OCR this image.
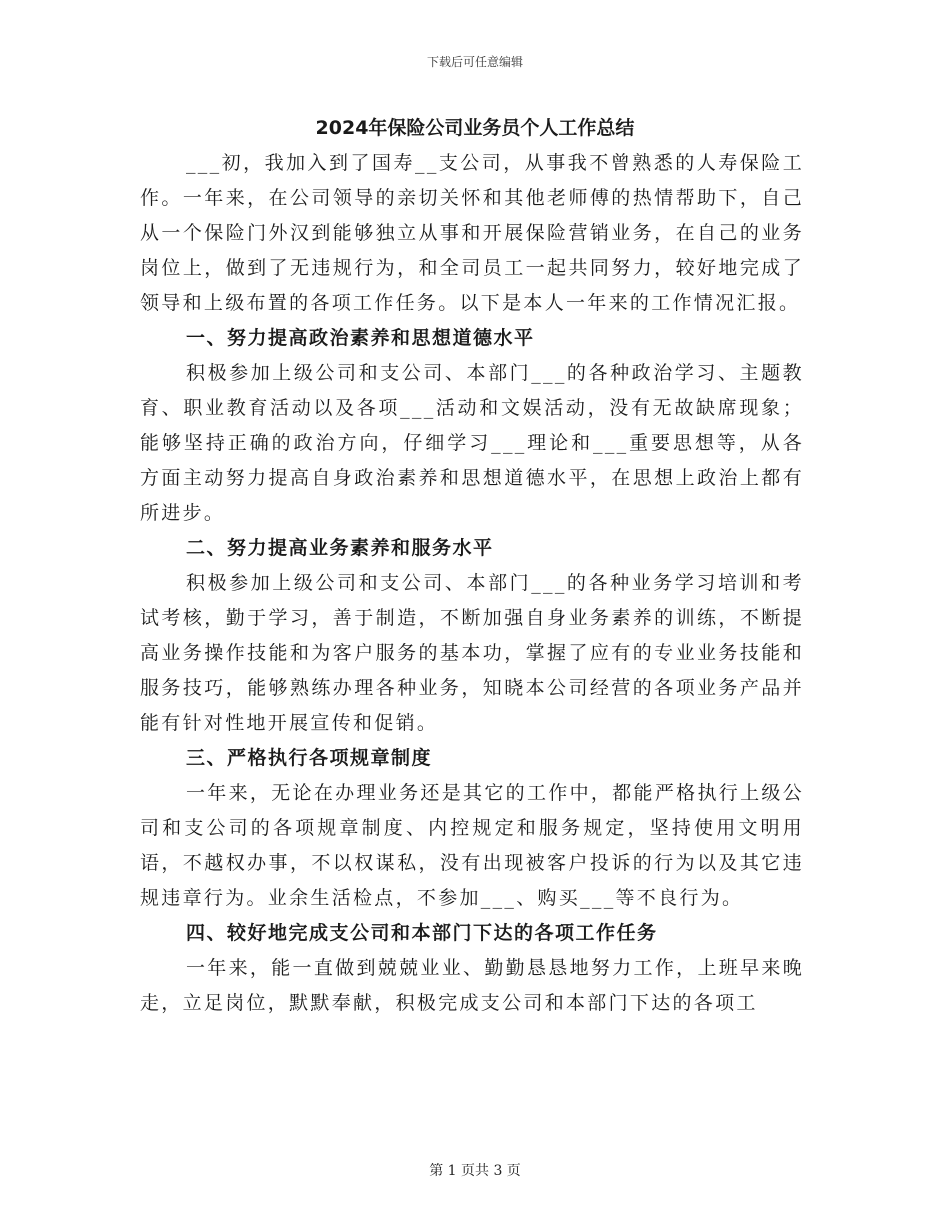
下载后可任意编辑
2024年保险公司业务员个人工作总结

___初，我加入到了国寿__支公司，从事我不曾熟悉的人寿保险工作。一年来，在公司领导的亲切关怀和其他老师傅的热情帮助下，自己从一个保险门外汉到能够独立从事和开展保险营销业务，在自己的业务岗位上，做到了无违规行为，和全司员工一起共同努力，较好地完成了领导和上级布置的各项工作任务。以下是本人一年来的工作情况汇报。

一、努力提高政治素养和思想道德水平

积极参加上级公司和支公司、本部门___的各种政治学习、主题教育、职业教育活动以及各项___活动和文娱活动，没有无故缺席现象；能够坚持正确的政治方向，仔细学习___理论和___重要思想等，从各方面主动努力提高自身政治素养和思想道德水平，在思想上政治上都有所进步。

二、努力提高业务素养和服务水平

积极参加上级公司和支公司、本部门___的各种业务学习培训和考试考核，勤于学习，善于制造，不断加强自身业务素养的训练，不断提高业务操作技能和为客户服务的基本功，掌握了应有的专业业务技能和服务技巧，能够熟练办理各种业务，知晓本公司经营的各项业务产品并能有针对性地开展宣传和促销。

三、严格执行各项规章制度

一年来，无论在办理业务还是其它的工作中，都能严格执行上级公司和支公司的各项规章制度、内控规定和服务规定，坚持使用文明用语，不越权办事，不以权谋私，没有出现被客户投诉的行为以及其它违规违章行为。业余生活检点，不参加___、购买___等不良行为。

四、较好地完成支公司和本部门下达的各项工作任务

一年来，能一直做到兢兢业业、勤勤恳恳地努力工作，上班早来晚走，立足岗位，默默奉献，积极完成支公司和本部门下达的各项工

第 1 页共 3 页
